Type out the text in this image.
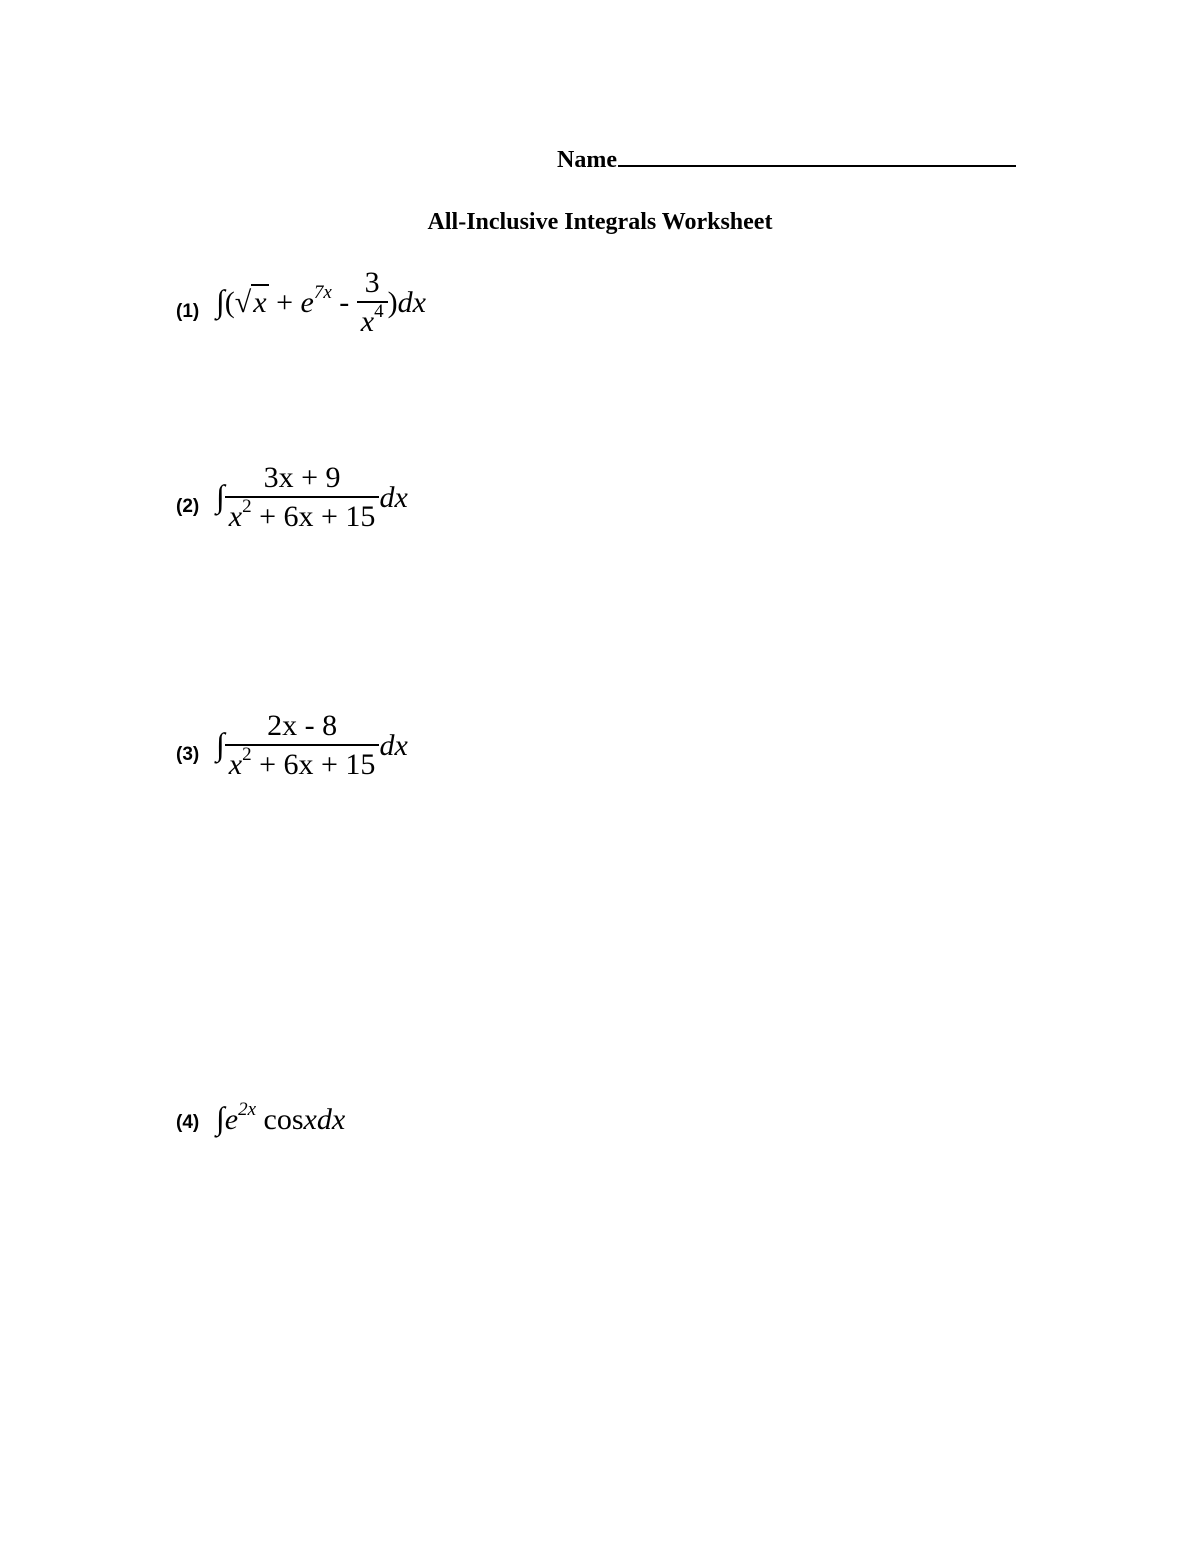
Name
All-Inclusive Integrals Worksheet
(1) $\int(√x + e^{7x} - \frac{3}{x^4} )dx$
(2) ∫ $\frac{3x + 9}{x^2 + 6x + 15}$ dx
(3) ∫ $\frac{2x - 8}{x^2 + 6x + 15}$ dx
(4) $\int e^{2x}$ cosxdx
